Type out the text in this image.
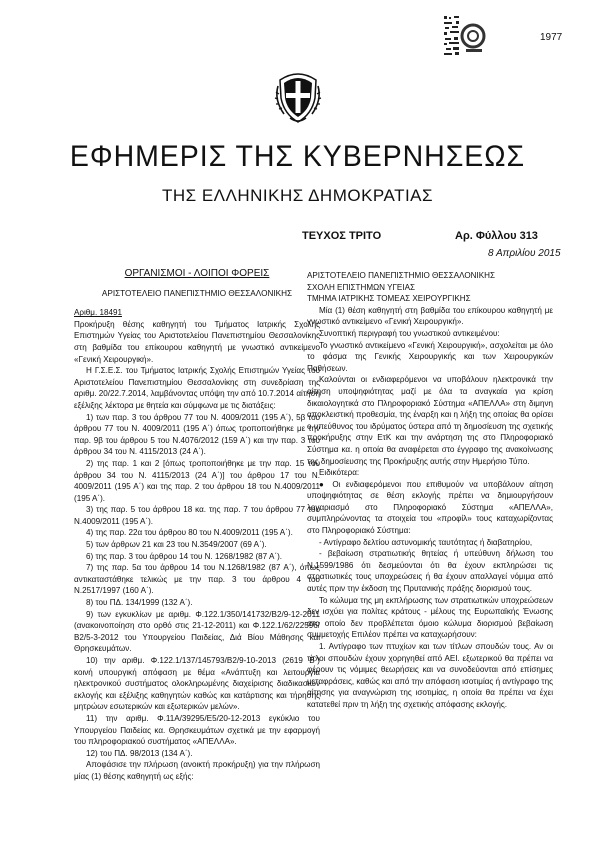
1977
ΕΦΗΜΕΡΙΣ ΤΗΣ ΚΥΒΕΡΝΗΣΕΩΣ
ΤΗΣ ΕΛΛΗΝΙΚΗΣ ΔΗΜΟΚΡΑΤΙΑΣ
ΤΕΥΧΟΣ ΤΡΙΤΟ	Αρ. Φύλλου 313
8 Απριλίου 2015

ΟΡΓΑΝΙΣΜΟΙ - ΛΟΙΠΟΙ ΦΟΡΕΙΣ

ΑΡΙΣΤΟΤΕΛΕΙΟ ΠΑΝΕΠΙΣΤΗΜΙΟ ΘΕΣΣΑΛΟΝΙΚΗΣ

Αριθμ. 18491

Προκήρυξη θέσης καθηγητή του Τμήματος Ιατρικής Σχολής Επιστημών Υγείας του Αριστοτελείου Πανεπιστημίου Θεσσαλονίκης στη βαθμίδα του επίκουρου καθηγητή με γνωστικό αντικείμενο «Γενική Χειρουργική».

Η Γ.Σ.Ε.Σ. του Τμήματος Ιατρικής Σχολής Επιστημών Υγείας του Αριστοτελείου Πανεπιστημίου Θεσσαλονίκης στη συνεδρίαση της αριθμ. 20/22.7.2014, λαμβάνοντας υπόψη την από 10.7.2014 αίτηση εξέλιξης λέκτορα με θητεία και σύμφωνα με τις διατάξεις:

1) των παρ. 3 του άρθρου 77 του Ν. 4009/2011 (195 Α΄), 5β του άρθρου 77 του Ν. 4009/2011 (195 Α΄) όπως τροποποιήθηκε με την παρ. 9β του άρθρου 5 του Ν.4076/2012 (159 Α΄) και την παρ. 3 του άρθρου 34 του Ν. 4115/2013 (24 Α΄).

2) της παρ. 1 και 2 [όπως τροποποιήθηκε με την παρ. 15 του άρθρου 34 του Ν. 4115/2013 (24 Α΄)] του άρθρου 17 του Ν. 4009/2011 (195 Α΄) και της παρ. 2 του άρθρου 18 του Ν.4009/2011 (195 Α΄).

3) της παρ. 5 του άρθρου 18 κα. της παρ. 7 του άρθρου 77 του Ν.4009/2011 (195 Α΄).

4) της παρ. 22α του άρθρου 80 του Ν.4009/2011 (195 Α΄).

5) των άρθρων 21 και 23 του Ν.3549/2007 (69 Α΄).

6) της παρ. 3 του άρθρου 14 του Ν. 1268/1982 (87 Α΄).

7) της παρ. 5α του άρθρου 14 του Ν.1268/1982 (87 Α΄), όπως αντικαταστάθηκε τελικώς με την παρ. 3 του άρθρου 4 του Ν.2517/1997 (160 Α΄).

8) του ΠΔ. 134/1999 (132 Α΄).

9) των εγκυκλίων με αριθμ. Φ.122.1/350/141732/Β2/9-12-2011 (ανακοινοποίηση στο ορθό στις 21-12-2011) και Φ.122.1/62/22596/Β2/5-3-2012 του Υπουργείου Παιδείας, Διά Βίου Μάθησης και Θρησκευμάτων.

10) την αριθμ. Φ.122.1/137/145793/Β2/9-10-2013 (2619 Β΄) κοινή υπουργική απόφαση με θέμα «Ανάπτυξη και λειτουργία ηλεκτρονικού συστήματος ολοκληρωμένης διαχείρισης διαδικασιών εκλογής και εξέλιξης καθηγητών καθώς και κατάρτισης και τήρησης μητρώων εσωτερικών και εξωτερικών μελών».

11) την αριθμ. Φ.11Α/39295/Ε5/20-12-2013 εγκύκλιο του Υπουργείου Παιδείας κα. Θρησκευμάτων σχετικά με την εφαρμογή του πληροφοριακού συστήματος «ΑΠΕΛΛΑ».

12) του ΠΔ. 98/2013 (134 Α΄).

Αποφάσισε την πλήρωση (ανοικτή προκήρυξη) για την πλήρωση μίας (1) θέσης καθηγητή ως εξής:

ΑΡΙΣΤΟΤΕΛΕΙΟ ΠΑΝΕΠΙΣΤΗΜΙΟ ΘΕΣΣΑΛΟΝΙΚΗΣ

ΣΧΟΛΗ ΕΠΙΣΤΗΜΩΝ ΥΓΕΙΑΣ

ΤΜΗΜΑ ΙΑΤΡΙΚΗΣ ΤΟΜΕΑΣ ΧΕΙΡΟΥΡΓΙΚΗΣ

Μία (1) θέση καθηγητή στη βαθμίδα του επίκουρου καθηγητή με γνωστικό αντικείμενο «Γενική Χειρουργική».

Συνοπτική περιγραφή του γνωστικού αντικειμένου:

Το γνωστικό αντικείμενο «Γενική Χειρουργική», ασχολείται με όλο το φάσμα της Γενικής Χειρουργικής και των Χειρουργικών Παθήσεων.

Καλούνται οι ενδιαφερόμενοι να υποβάλουν ηλεκτρονικά την αίτηση υποψηφιότητας μαζί με όλα τα αναγκαία για κρίση δικαιολογητικά στο Πληροφοριακό Σύστημα «ΑΠΕΛΛΑ» στη διμηνη αποκλειστική προθεσμία, της έναρξη και η λήξη της οποίας θα ορίσει ο υπεύθυνος του ιδρύματος ύστερα από τη δημοσίευση της σχετικής προκήρυξης στην ΕτΚ και την ανάρτηση της στο Πληροφοριακό Σύστημα κα. η οποία θα αναφέρεται στο έγγραφο της ανακοίνωσης της δημοσίευσης της Προκήρυξης αυτής στην Ημερήσιο Τύπο.

Ειδικότερα:

● Οι ενδιαφερόμενοι που επιθυμούν να υποβάλουν αίτηση υποψηφιότητας σε θέση εκλογής πρέπει να δημιουργήσουν λογαριασμό στο Πληροφοριακό Σύστημα «ΑΠΕΛΛΑ», συμπληρώνοντας τα στοιχεία του «προφίλ» τους καταχωρίζοντας στο Πληροφοριακό Σύστημα:

- Αντίγραφο δελτίου αστυνομικής ταυτότητας ή διαβατηρίου,

- βεβαίωση στρατιωτικής θητείας ή υπεύθυνη δήλωση του Ν.1599/1986 ότι δεσμεύονται ότι θα έχουν εκπληρώσει τις στρατιωτικές τους υποχρεώσεις ή θα έχουν απαλλαγεί νόμιμα από αυτές πριν την έκδοση της Πρυτανικής πράξης διορισμού τους.

Το κώλυμα της μη εκπλήρωσης των στρατιωτικών υποχρεώσεων δεν ισχύει για πολίτες κράτους - μέλους της Ευρωπαϊκής Ένωσης στο οποίο δεν προβλέπεται όμοιο κώλυμα διορισμού βεβαίωση συμμετοχής Επιλέον πρέπει να καταχωρήσουν:

1. Αντίγραφο των πτυχίων και των τίτλων σπουδών τους. Αν οι τίτλοι σπουδών έχουν χορηγηθεί από ΑΕΙ. εξωτερικού θα πρέπει να φέρουν τις νόμιμες θεωρήσεις και να συνοδεύονται από επίσημες μεταφράσεις, καθώς και από την απόφαση ισοτιμίας ή αντίγραφο της αίτησης για αναγνώριση της ισοτιμίας, η οποία θα πρέπει να έχει κατατεθεί πριν τη λήξη της σχετικής απόφασης εκλογής.
